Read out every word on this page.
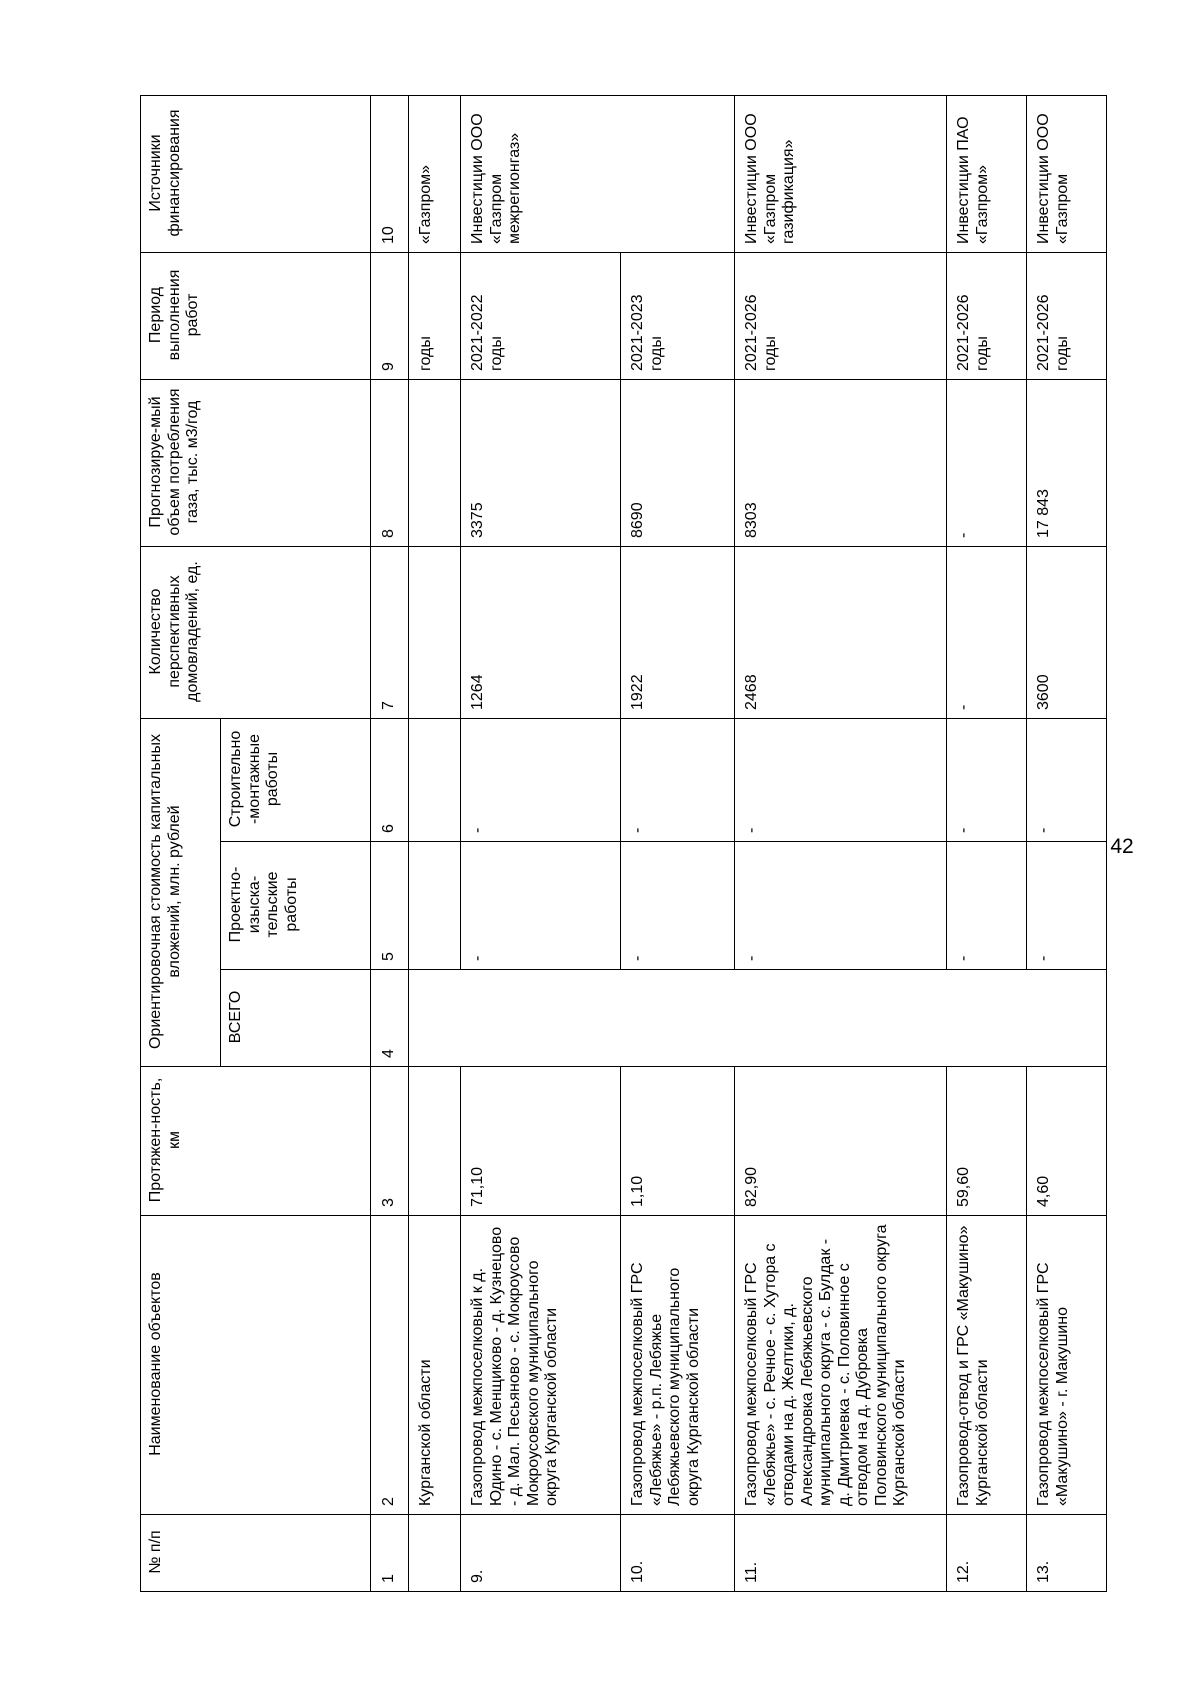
42
№ п/п	Наименование объектов	Протяжен-ность, км	Ориентировочная стоимость капитальных вложений, млн. рублей			Количество перспективных домовладений, ед.	Прогнозируе-мый объем потребления газа, тыс. м3/год	Период выполнения работ	Источники финансирования
			ВСЕГО	Проектно-изыска-тельские работы	Строительно -монтажные работы				
1	2	3	4	5	6	7	8	9	10
	Курганской области							годы	«Газпром»
9.	Газопровод межпоселковый к д. Юдино - с. Менщиково - д. Кузнецово - д. Мал. Песьяново - с. Мокроусово Мокроусовского муниципального округа Курганской области	71,10		-	-	1264	3375	2021-2022 годы	Инвестиции ООО «Газпром межрегионгаз»
10.	Газопровод межпоселковый ГРС «Лебяжье» - р.п. Лебяжье Лебяжьевского муниципального округа Курганской области	1,10		-	-	1922	8690	2021-2023 годы	
11.	Газопровод межпоселковый ГРС «Лебяжье» - с. Речное - с. Хутора с отводами на д. Желтики, д. Александровка Лебяжьевского муниципального округа - с. Булдак - д. Дмитриевка - с. Половинное с отводом на д. Дубровка Половинского муниципального округа Курганской области	82,90		-	-	2468	8303	2021-2026 годы	Инвестиции ООО «Газпром газификация»
12.	Газопровод-отвод и ГРС «Макушино» Курганской области	59,60		-	-	-	-	2021-2026 годы	Инвестиции ПАО «Газпром»
13.	Газопровод межпоселковый ГРС «Макушино» - г. Макушино	4,60		-	-	3600	17 843	2021-2026 годы	Инвестиции ООО «Газпром
